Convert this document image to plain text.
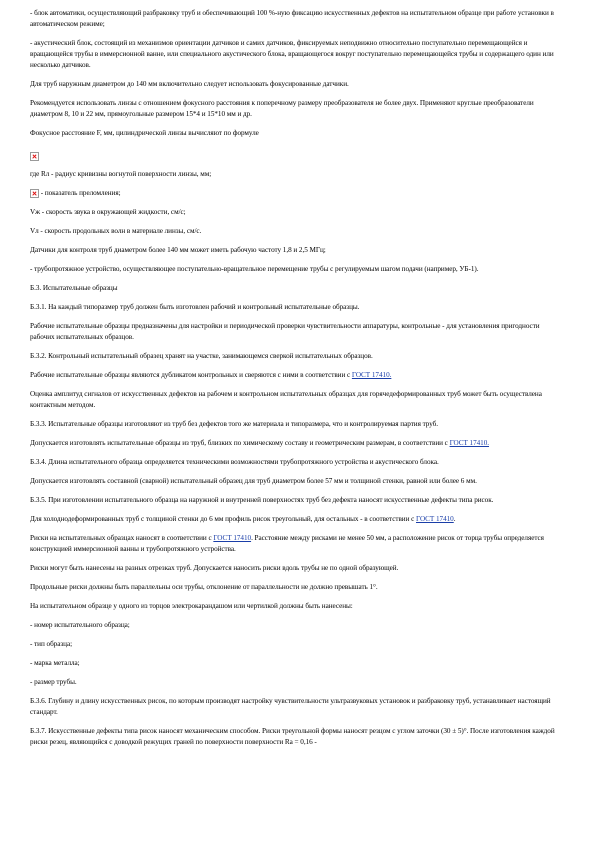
- блок автоматики, осуществляющий разбраковку труб и обеспечивающий 100 %-ную фиксацию искусственных дефектов на испытательном образце при работе установки в автоматическом режиме;

- акустический блок, состоящий из механизмов ориентации датчиков и самих датчиков, фиксируемых неподвижно относительно поступательно перемещающейся и вращающейся трубы в иммерсионной ванне, или специального акустического блока, вращающегося вокруг поступательно перемещающейся трубы и содержащего один или несколько датчиков.

Для труб наружным диаметром до 140 мм включительно следует использовать фокусированные датчики.

Рекомендуется использовать линзы с отношением фокусного расстояния к поперечному размеру преобразователя не более двух. Применяют круглые преобразователи диаметром 8, 10 и 22 мм, прямоугольные размером 15*4 и 15*10 мм и др.

Фокусное расстояние F, мм, цилиндрической линзы вычисляют по формуле

где Rл - радиус кривизны вогнутой поверхности линзы, мм;

- показатель преломления;

Vж - скорость звука в окружающей жидкости, см/с;

Vл - скорость продольных волн в материале линзы, см/с.

Датчики для контроля труб диаметром более 140 мм может иметь рабочую частоту 1,8 и 2,5 МГц;

- трубопротяжное устройство, осуществляющее поступательно-вращательное перемещение трубы с регулируемым шагом подачи (например, УБ-1).

Б.3. Испытательные образцы

Б.3.1. На каждый типоразмер труб должен быть изготовлен рабочий и контрольный испытательные образцы.

Рабочие испытательные образцы предназначены для настройки и периодической проверки чувствительности аппаратуры, контрольные - для установления пригодности рабочих испытательных образцов.

Б.3.2. Контрольный испытательный образец хранят на участке, занимающемся сверкой испытательных образцов.

Рабочие испытательные образцы являются дубликатом контрольных и сверяются с ними в соответствии с ГОСТ 17410.

Оценка амплитуд сигналов от искусственных дефектов на рабочем и контрольном испытательных образцах для горячедеформированных труб может быть осуществлена контактным методом.

Б.3.3. Испытательные образцы изготовляют из труб без дефектов того же материала и типоразмера, что и контролируемая партия труб.

Допускается изготовлять испытательные образцы из труб, близких по химическому составу и геометрическим размерам, в соответствии с ГОСТ 17410.

Б.3.4. Длина испытательного образца определяется техническими возможностями трубопротяжного устройства и акустического блока.

Допускается изготовлять составной (сварной) испытательный образец для труб диаметром более 57 мм и толщиной стенки, равной или более 6 мм.

Б.3.5. При изготовлении испытательного образца на наружной и внутренней поверхностях труб без дефекта наносят искусственные дефекты типа рисок.

Для холоднодеформированных труб с толщиной стенки до 6 мм профиль рисок треугольный, для остальных - в соответствии с ГОСТ 17410.

Риски на испытательных образцах наносят в соответствии с ГОСТ 17410. Расстояние между рисками не менее 50 мм, а расположение рисок от торца трубы определяется конструкцией иммерсионной ванны и трубопротяжного устройства.

Риски могут быть нанесены на разных отрезках труб. Допускается наносить риски вдоль трубы не по одной образующей.

Продольные риски должны быть параллельны оси трубы, отклонение от параллельности не должно превышать 1°.

На испытательном образце у одного из торцов электрокарандашом или чертилкой должны быть нанесены:

- номер испытательного образца;

- тип образца;

- марка металла;

- размер трубы.

Б.3.6. Глубину и длину искусственных рисок, по которым производят настройку чувствительности ультразвуковых установок и разбраковку труб, устанавливает настоящий стандарт.

Б.3.7. Искусственные дефекты типа рисок наносят механическим способом. Риски треугольной формы наносят резцом с углом заточки (30 ± 5)°. После изготовления каждой риски резец, являющийся с доводкой режущих граней по поверхности поверхности Ra = 0,16 -
